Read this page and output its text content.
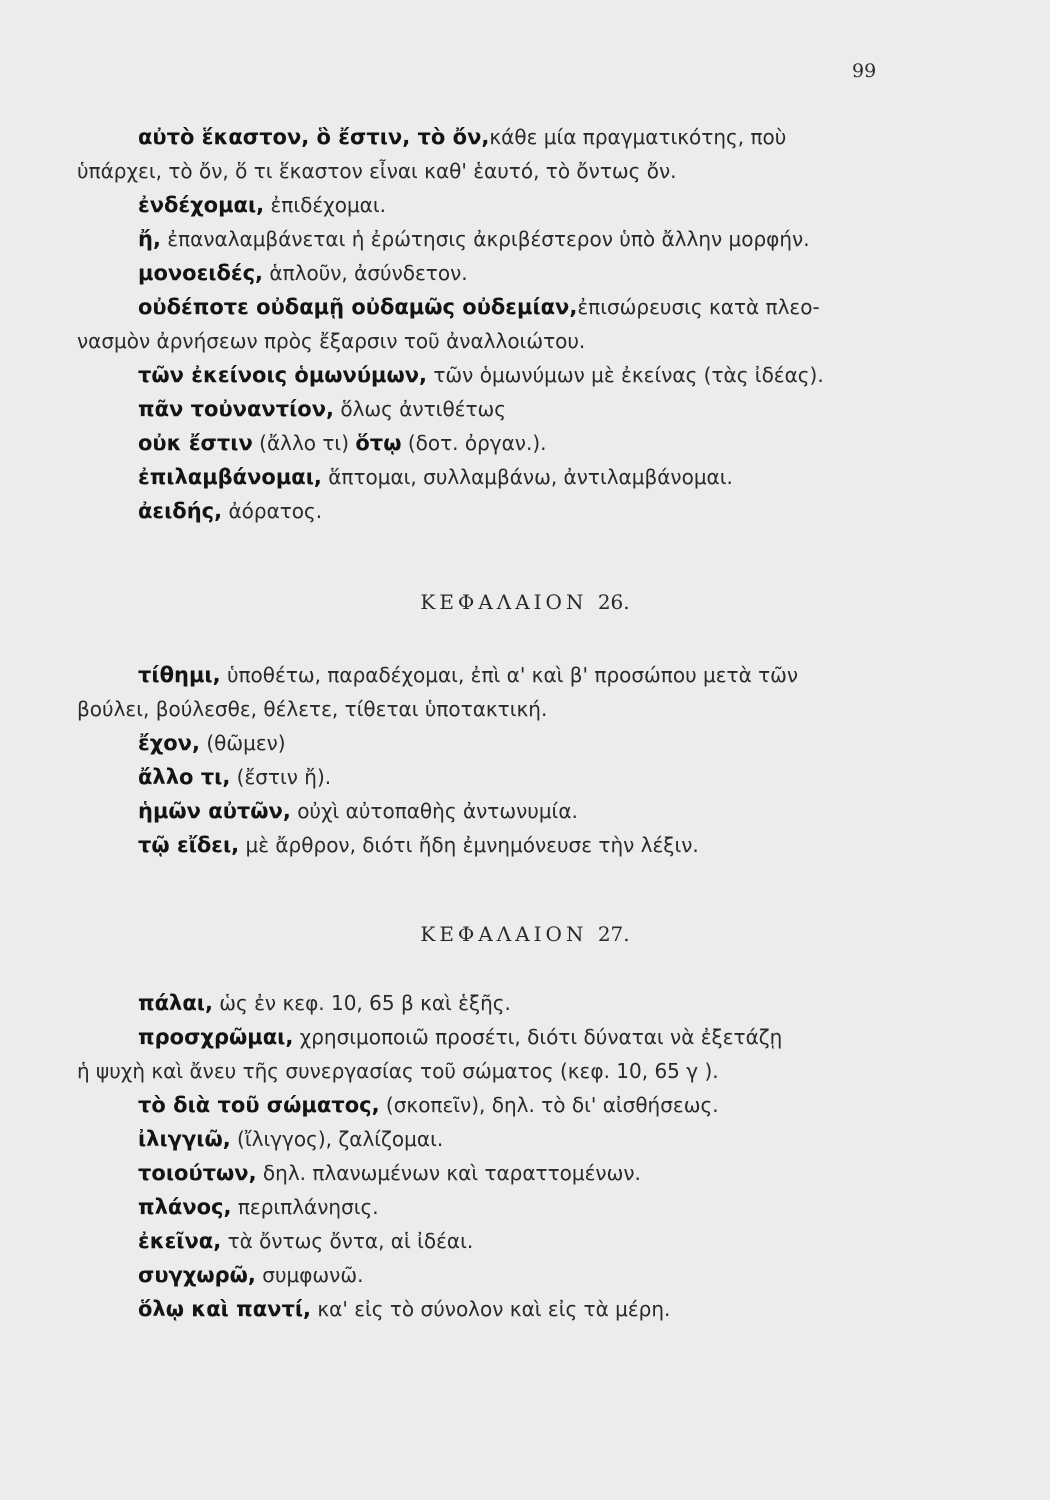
99
αὐτὸ ἕκαστον, ὃ ἔστιν, τὸ ὄν,κάθε μία πραγματικότης, ποὺ
ὑπάρχει, τὸ ὄν, ὅ τι ἕκαστον εἶναι καθ' ἑαυτό, τὸ ὄντως ὄν.
ἐνδέχομαι, ἐπιδέχομαι.
ἤ, ἐπαναλαμβάνεται ἡ ἐρώτησις ἀκριβέστερον ὑπὸ ἄλλην μορφήν.
μονοειδές, ἁπλοῦν, ἀσύνδετον.
οὐδέποτε οὐδαμῇ οὐδαμῶς οὐδεμίαν,ἐπισώρευσις κατὰ πλεο-
νασμὸν ἀρνήσεων πρὸς ἔξαρσιν τοῦ ἀναλλοιώτου.
τῶν ἐκείνοις ὁμωνύμων, τῶν ὁμωνύμων μὲ ἐκείνας (τὰς ἰδέας).
πᾶν τοὐναντίον, ὅλως ἀντιθέτως
οὐκ ἔστιν (ἄλλο τι) ὅτῳ (δοτ. ὀργαν.).
ἐπιλαμβάνομαι, ἅπτομαι, συλλαμβάνω, ἀντιλαμβάνομαι.
ἀειδής, ἀόρατος.
ΚΕΦΑΛΑΙΟΝ 26.
τίθημι, ὑποθέτω, παραδέχομαι, ἐπὶ α' καὶ β' προσώπου μετὰ τῶν
βούλει, βούλεσθε, θέλετε, τίθεται ὑποτακτική.
ἔχον, (θῶμεν)
ἄλλο τι, (ἔστιν ἤ).
ἡμῶν αὐτῶν, οὐχὶ αὐτοπαθὴς ἀντωνυμία.
τῷ εἴδει, μὲ ἄρθρον, διότι ἤδη ἐμνημόνευσε τὴν λέξιν.
ΚΕΦΑΛΑΙΟΝ 27.
πάλαι, ὡς ἐν κεφ. 10, 65 β καὶ ἑξῆς.
προσχρῶμαι, χρησιμοποιῶ προσέτι, διότι δύναται νὰ ἐξετάζῃ
ἡ ψυχὴ καὶ ἄνευ τῆς συνεργασίας τοῦ σώματος (κεφ. 10, 65 γ ).
τὸ διὰ τοῦ σώματος, (σκοπεῖν), δηλ. τὸ δι' αἰσθήσεως.
ἰλιγγιῶ, (ἴλιγγος), ζαλίζομαι.
τοιούτων, δηλ. πλανωμένων καὶ ταραττομένων.
πλάνος, περιπλάνησις.
ἐκεῖνα, τὰ ὄντως ὄντα, αἱ ἰδέαι.
συγχωρῶ, συμφωνῶ.
ὅλῳ καὶ παντί, κα' εἰς τὸ σύνολον καὶ εἰς τὰ μέρη.
